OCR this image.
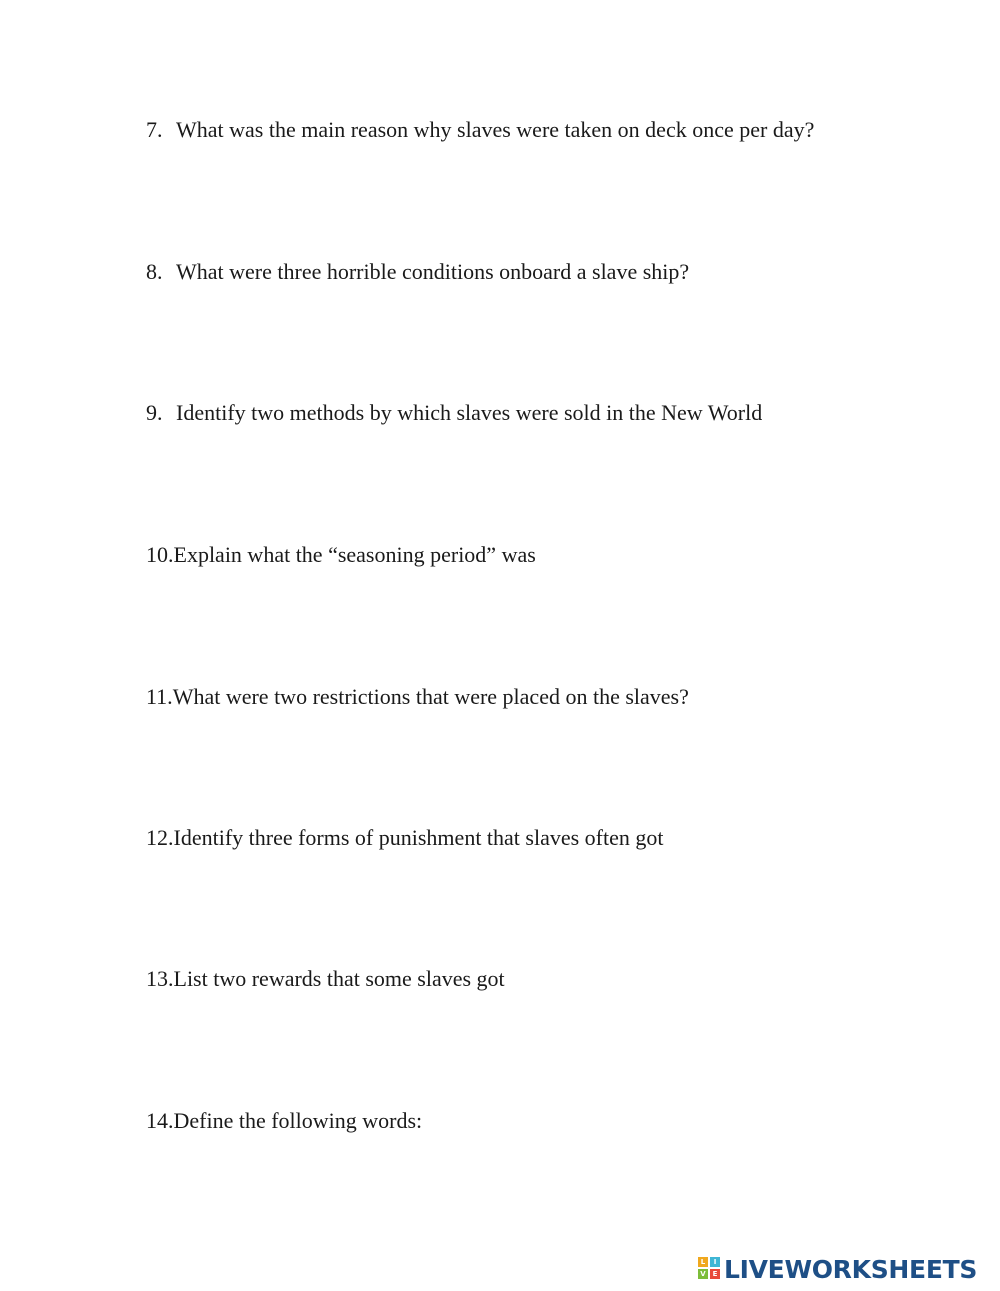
7. What was the main reason why slaves were taken on deck once per day?
8. What were three horrible conditions onboard a slave ship?
9. Identify two methods by which slaves were sold in the New World
10. Explain what the “seasoning period” was
11. What were two restrictions that were placed on the slaves?
12. Identify three forms of punishment that slaves often got
13. List two rewards that some slaves got
14. Define the following words:
L	I
V E LIVEWORKSHEETS
